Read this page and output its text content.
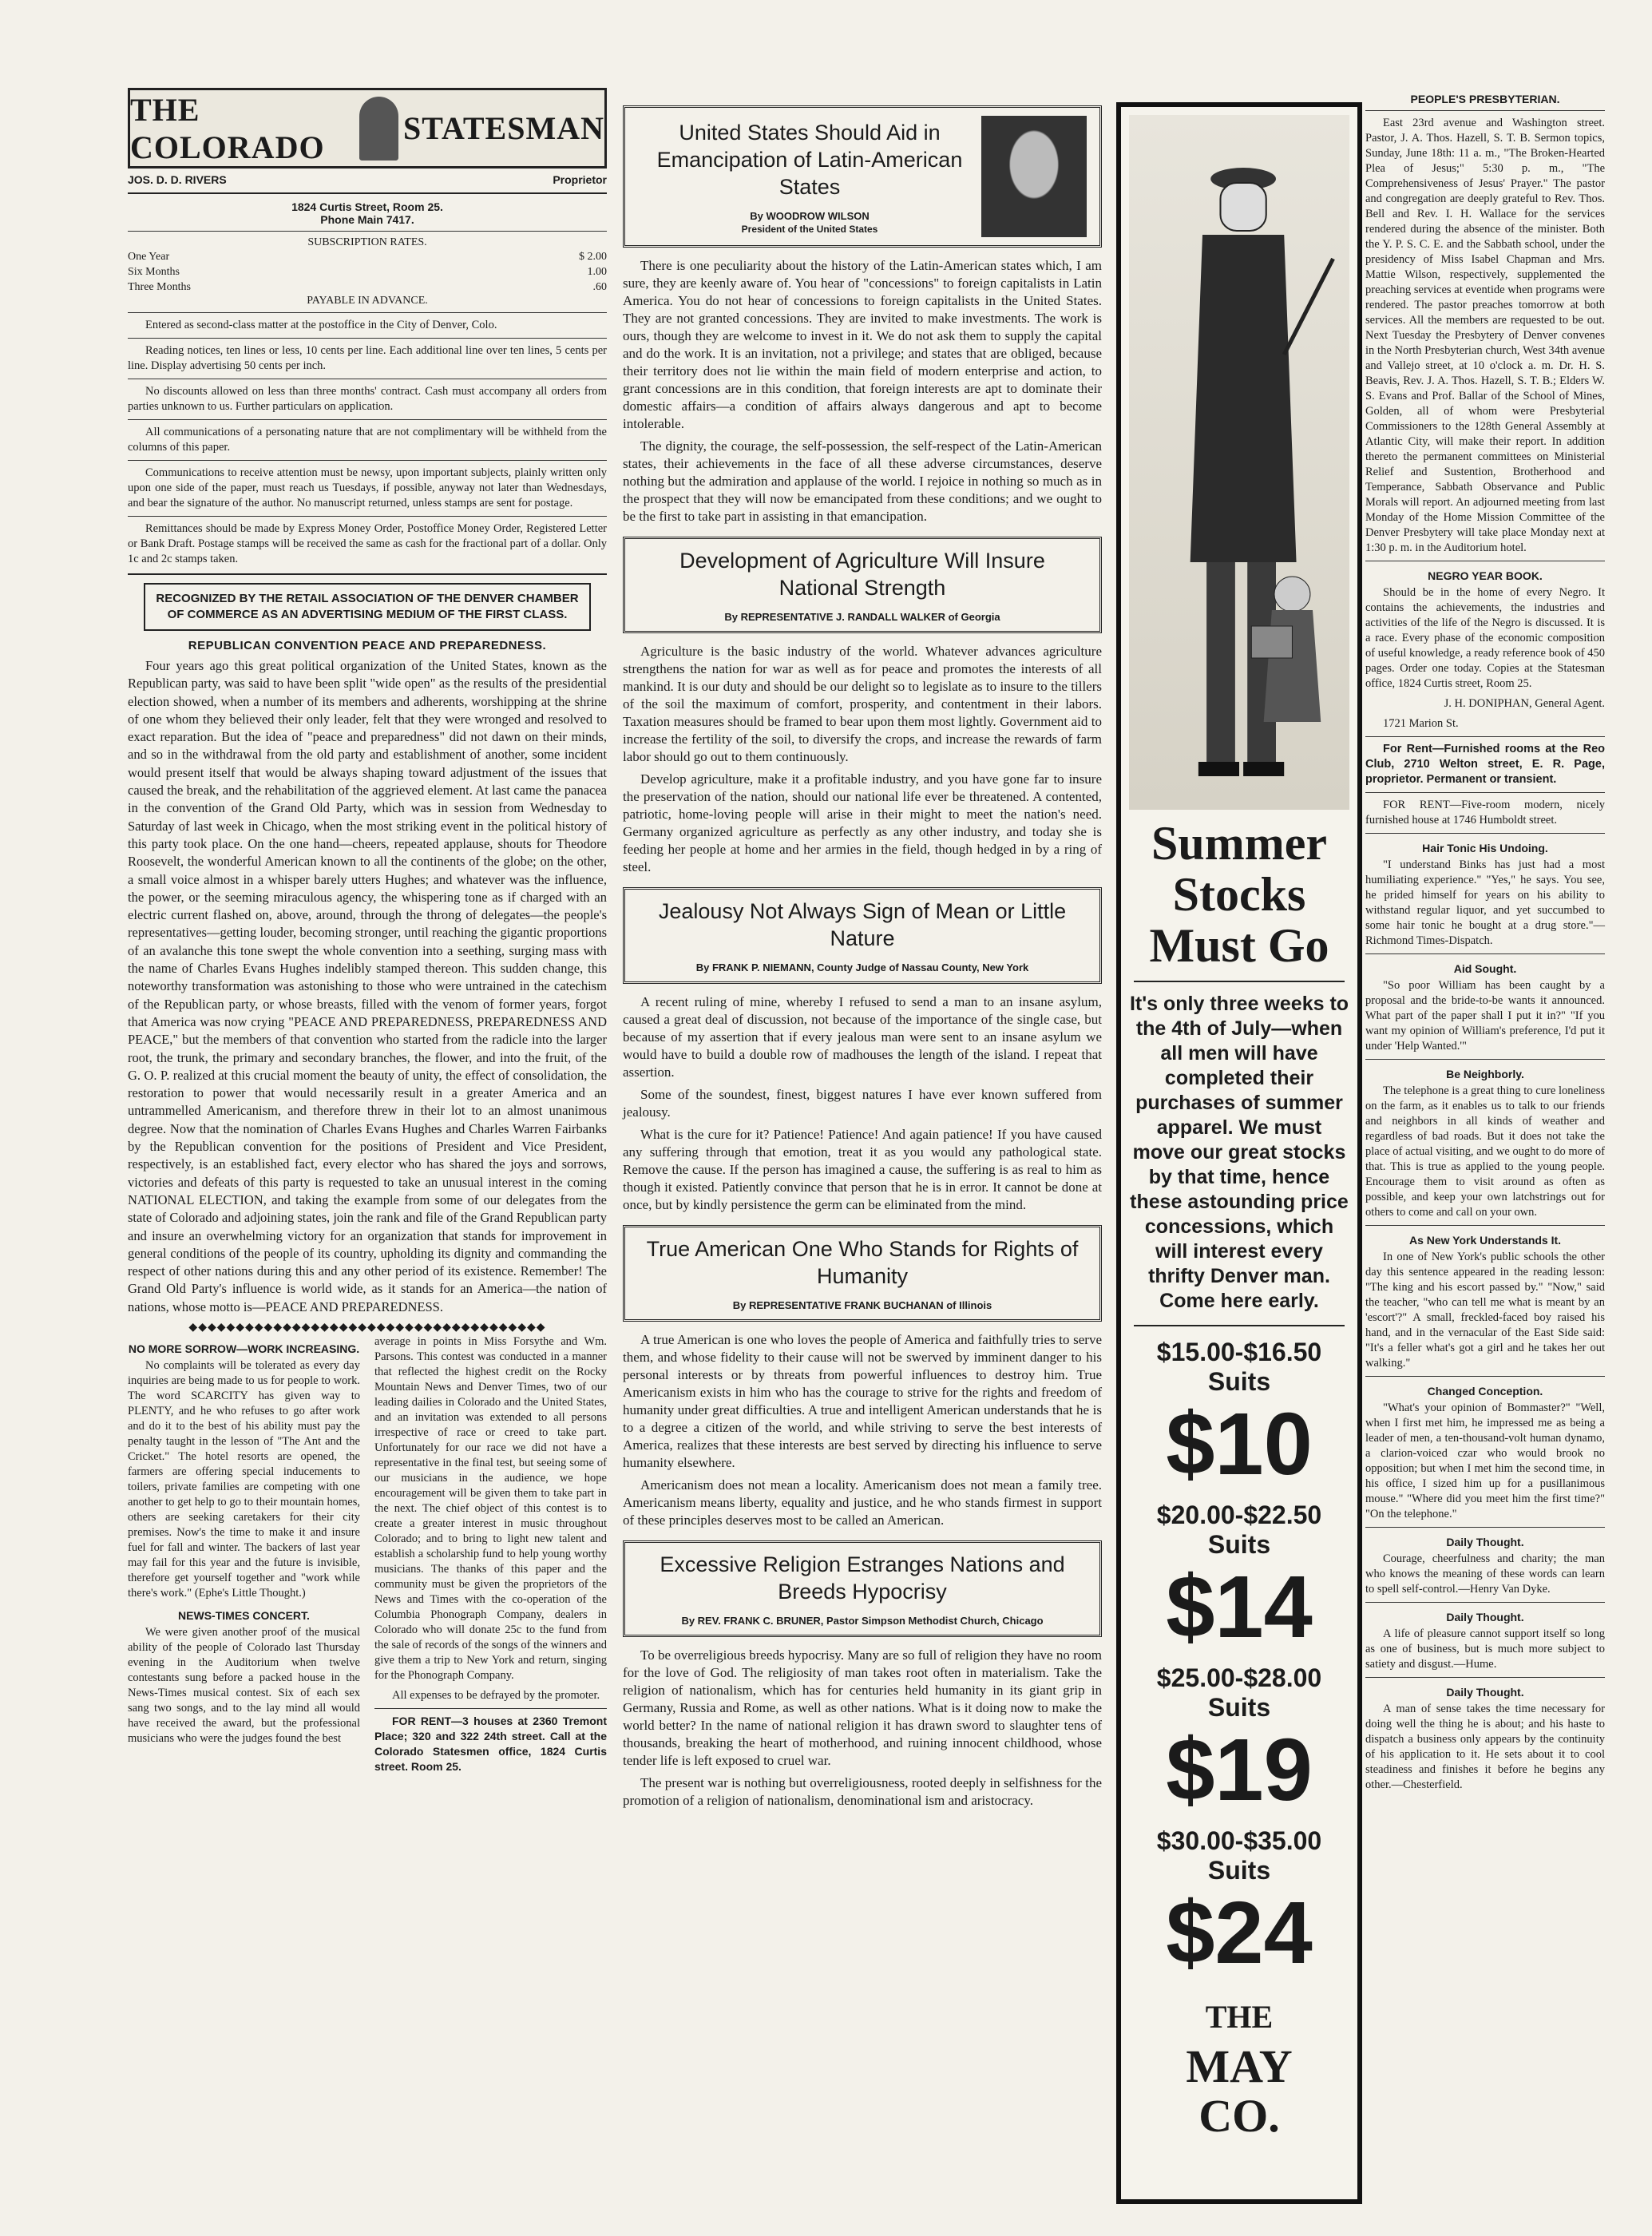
THE COLORADO
STATESMAN
JOS. D. D. RIVERS	Proprietor
1824 Curtis Street, Room 25.
Phone Main 7417.
SUBSCRIPTION RATES.
One Year	$ 2.00
Six Months	1.00
Three Months	.60
PAYABLE IN ADVANCE.

Entered as second-class matter at the postoffice in the City of Denver, Colo.

Reading notices, ten lines or less, 10 cents per line. Each additional line over ten lines, 5 cents per line. Display advertising 50 cents per inch.

No discounts allowed on less than three months' contract. Cash must accompany all orders from parties unknown to us. Further particulars on application.

All communications of a personating nature that are not complimentary will be withheld from the columns of this paper.

Communications to receive attention must be newsy, upon important subjects, plainly written only upon one side of the paper, must reach us Tuesdays, if possible, anyway not later than Wednesdays, and bear the signature of the author. No manuscript returned, unless stamps are sent for postage.

Remittances should be made by Express Money Order, Postoffice Money Order, Registered Letter or Bank Draft. Postage stamps will be received the same as cash for the fractional part of a dollar. Only 1c and 2c stamps taken.

RECOGNIZED BY THE RETAIL ASSOCIATION OF THE DENVER CHAMBER OF COMMERCE AS AN ADVERTISING MEDIUM OF THE FIRST CLASS.
REPUBLICAN CONVENTION PEACE AND PREPAREDNESS.

Four years ago this great political organization of the United States, known as the Republican party, was said to have been split "wide open" as the results of the presidential election showed, when a number of its members and adherents, worshipping at the shrine of one whom they believed their only leader, felt that they were wronged and resolved to exact reparation. But the idea of "peace and preparedness" did not dawn on their minds, and so in the withdrawal from the old party and establishment of another, some incident would present itself that would be always shaping toward adjustment of the issues that caused the break, and the rehabilitation of the aggrieved element. At last came the panacea in the convention of the Grand Old Party, which was in session from Wednesday to Saturday of last week in Chicago, when the most striking event in the political history of this party took place. On the one hand—cheers, repeated applause, shouts for Theodore Roosevelt, the wonderful American known to all the continents of the globe; on the other, a small voice almost in a whisper barely utters Hughes; and whatever was the influence, the power, or the seeming miraculous agency, the whispering tone as if charged with an electric current flashed on, above, around, through the throng of delegates—the people's representatives—getting louder, becoming stronger, until reaching the gigantic proportions of an avalanche this tone swept the whole convention into a seething, surging mass with the name of Charles Evans Hughes indelibly stamped thereon. This sudden change, this noteworthy transformation was astonishing to those who were untrained in the catechism of the Republican party, or whose breasts, filled with the venom of former years, forgot that America was now crying "PEACE AND PREPAREDNESS, PREPAREDNESS AND PEACE," but the members of that convention who started from the radicle into the larger root, the trunk, the primary and secondary branches, the flower, and into the fruit, of the G. O. P. realized at this crucial moment the beauty of unity, the effect of consolidation, the restoration to power that would necessarily result in a greater America and an untrammelled Americanism, and therefore threw in their lot to an almost unanimous degree. Now that the nomination of Charles Evans Hughes and Charles Warren Fairbanks by the Republican convention for the positions of President and Vice President, respectively, is an established fact, every elector who has shared the joys and sorrows, victories and defeats of this party is requested to take an unusual interest in the coming NATIONAL ELECTION, and taking the example from some of our delegates from the state of Colorado and adjoining states, join the rank and file of the Grand Republican party and insure an overwhelming victory for an organization that stands for improvement in general conditions of the people of its country, upholding its dignity and commanding the respect of other nations during this and any other period of its existence. Remember! The Grand Old Party's influence is world wide, as it stands for an America—the nation of nations, whose motto is—PEACE AND PREPAREDNESS.

◆◆◆◆◆◆◆◆◆◆◆◆◆◆◆◆◆◆◆◆◆◆◆◆◆◆◆◆◆◆◆◆◆◆◆◆◆◆
NO MORE SORROW—WORK INCREASING.

No complaints will be tolerated as every day inquiries are being made to us for people to work. The word SCARCITY has given way to PLENTY, and he who refuses to go after work and do it to the best of his ability must pay the penalty taught in the lesson of "The Ant and the Cricket." The hotel resorts are opened, the farmers are offering special inducements to toilers, private families are competing with one another to get help to go to their mountain homes, others are seeking caretakers for their city premises. Now's the time to make it and insure fuel for fall and winter. The backers of last year may fail for this year and the future is invisible, therefore get yourself together and "work while there's work." (Ephe's Little Thought.)

NEWS-TIMES CONCERT.

We were given another proof of the musical ability of the people of Colorado last Thursday evening in the Auditorium when twelve contestants sung before a packed house in the News-Times musical contest. Six of each sex sang two songs, and to the lay mind all would have received the award, but the professional musicians who were the judges found the best

average in points in Miss Forsythe and Wm. Parsons. This contest was conducted in a manner that reflected the highest credit on the Rocky Mountain News and Denver Times, two of our leading dailies in Colorado and the United States, and an invitation was extended to all persons irrespective of race or creed to take part. Unfortunately for our race we did not have a representative in the final test, but seeing some of our musicians in the audience, we hope encouragement will be given them to take part in the next. The chief object of this contest is to create a greater interest in music throughout Colorado; and to bring to light new talent and establish a scholarship fund to help young worthy musicians. The thanks of this paper and the community must be given the proprietors of the News and Times with the co-operation of the Columbia Phonograph Company, dealers in Colorado who will donate 25c to the fund from the sale of records of the songs of the winners and give them a trip to New York and return, singing for the Phonograph Company.

All expenses to be defrayed by the promoter.

FOR RENT—3 houses at 2360 Tremont Place; 320 and 322 24th street. Call at the Colorado Statesmen office, 1824 Curtis street. Room 25.

United States Should Aid in Emancipation of Latin-American States
By WOODROW WILSON
President of the United States

There is one peculiarity about the history of the Latin-American states which, I am sure, they are keenly aware of. You hear of "concessions" to foreign capitalists in Latin America. You do not hear of concessions to foreign capitalists in the United States. They are not granted concessions. They are invited to make investments. The work is ours, though they are welcome to invest in it. We do not ask them to supply the capital and do the work. It is an invitation, not a privilege; and states that are obliged, because their territory does not lie within the main field of modern enterprise and action, to grant concessions are in this condition, that foreign interests are apt to dominate their domestic affairs—a condition of affairs always dangerous and apt to become intolerable.

The dignity, the courage, the self-possession, the self-respect of the Latin-American states, their achievements in the face of all these adverse circumstances, deserve nothing but the admiration and applause of the world. I rejoice in nothing so much as in the prospect that they will now be emancipated from these conditions; and we ought to be the first to take part in assisting in that emancipation.

Development of Agriculture Will Insure National Strength
By REPRESENTATIVE J. RANDALL WALKER of Georgia

Agriculture is the basic industry of the world. Whatever advances agriculture strengthens the nation for war as well as for peace and promotes the interests of all mankind. It is our duty and should be our delight so to legislate as to insure to the tillers of the soil the maximum of comfort, prosperity, and contentment in their labors. Taxation measures should be framed to bear upon them most lightly. Government aid to increase the fertility of the soil, to diversify the crops, and increase the rewards of farm labor should go out to them continuously.

Develop agriculture, make it a profitable industry, and you have gone far to insure the preservation of the nation, should our national life ever be threatened. A contented, patriotic, home-loving people will arise in their might to meet the nation's need. Germany organized agriculture as perfectly as any other industry, and today she is feeding her people at home and her armies in the field, though hedged in by a ring of steel.

Jealousy Not Always Sign of Mean or Little Nature
By FRANK P. NIEMANN, County Judge of Nassau County, New York

A recent ruling of mine, whereby I refused to send a man to an insane asylum, caused a great deal of discussion, not because of the importance of the single case, but because of my assertion that if every jealous man were sent to an insane asylum we would have to build a double row of madhouses the length of the island. I repeat that assertion.

Some of the soundest, finest, biggest natures I have ever known suffered from jealousy.

What is the cure for it? Patience! Patience! And again patience! If you have caused any suffering through that emotion, treat it as you would any pathological state. Remove the cause. If the person has imagined a cause, the suffering is as real to him as though it existed. Patiently convince that person that he is in error. It cannot be done at once, but by kindly persistence the germ can be eliminated from the mind.

True American One Who Stands for Rights of Humanity
By REPRESENTATIVE FRANK BUCHANAN of Illinois

A true American is one who loves the people of America and faithfully tries to serve them, and whose fidelity to their cause will not be swerved by imminent danger to his personal interests or by threats from powerful influences to destroy him. True Americanism exists in him who has the courage to strive for the rights and freedom of humanity under great difficulties. A true and intelligent American understands that he is to a degree a citizen of the world, and while striving to serve the best interests of America, realizes that these interests are best served by directing his influence to serve humanity elsewhere.

Americanism does not mean a locality. Americanism does not mean a family tree. Americanism means liberty, equality and justice, and he who stands firmest in support of these principles deserves most to be called an American.

Excessive Religion Estranges Nations and Breeds Hypocrisy
By REV. FRANK C. BRUNER, Pastor Simpson Methodist Church, Chicago

To be overreligious breeds hypocrisy. Many are so full of religion they have no room for the love of God. The religiosity of man takes root often in materialism. Take the religion of nationalism, which has for centuries held humanity in its giant grip in Germany, Russia and Rome, as well as other nations. What is it doing now to make the world better? In the name of national religion it has drawn sword to slaughter tens of thousands, breaking the heart of motherhood, and ruining innocent childhood, whose tender life is left exposed to cruel war.

The present war is nothing but overreligiousness, rooted deeply in selfishness for the promotion of a religion of nationalism, denominational ism and aristocracy.

Summer
Stocks
Must Go
It's only three weeks to the 4th of July—when all men will have completed their purchases of summer apparel. We must move our great stocks by that time, hence these astounding price concessions, which will interest every thrifty Denver man. Come here early.
$15.00-$16.50
Suits
$10
$20.00-$22.50
Suits
$14
$25.00-$28.00
Suits
$19
$30.00-$35.00
Suits
$24
THE
MAY
CO.
PEOPLE'S PRESBYTERIAN.

East 23rd avenue and Washington street. Pastor, J. A. Thos. Hazell, S. T. B. Sermon topics, Sunday, June 18th: 11 a. m., "The Broken-Hearted Plea of Jesus;" 5:30 p. m., "The Comprehensiveness of Jesus' Prayer." The pastor and congregation are deeply grateful to Rev. Thos. Bell and Rev. I. H. Wallace for the services rendered during the absence of the minister. Both the Y. P. S. C. E. and the Sabbath school, under the presidency of Miss Isabel Chapman and Mrs. Mattie Wilson, respectively, supplemented the preaching services at eventide when programs were rendered. The pastor preaches tomorrow at both services. All the members are requested to be out. Next Tuesday the Presbytery of Denver convenes in the North Presbyterian church, West 34th avenue and Vallejo street, at 10 o'clock a. m. Dr. H. S. Beavis, Rev. J. A. Thos. Hazell, S. T. B.; Elders W. S. Evans and Prof. Ballar of the School of Mines, Golden, all of whom were Presbyterial Commissioners to the 128th General Assembly at Atlantic City, will make their report. In addition thereto the permanent committees on Ministerial Relief and Sustention, Brotherhood and Temperance, Sabbath Observance and Public Morals will report. An adjourned meeting from last Monday of the Home Mission Committee of the Denver Presbytery will take place Monday next at 1:30 p. m. in the Auditorium hotel.

NEGRO YEAR BOOK.

Should be in the home of every Negro. It contains the achievements, the industries and activities of the life of the Negro is discussed. It is a race. Every phase of the economic composition of useful knowledge, a ready reference book of 450 pages. Order one today. Copies at the Statesman office, 1824 Curtis street, Room 25.

J. H. DONIPHAN, General Agent.

1721 Marion St.

For Rent—Furnished rooms at the Reo Club, 2710 Welton street, E. R. Page, proprietor. Permanent or transient.

FOR RENT—Five-room modern, nicely furnished house at 1746 Humboldt street.

Hair Tonic His Undoing.

"I understand Binks has just had a most humiliating experience." "Yes," he says. You see, he prided himself for years on his ability to withstand regular liquor, and yet succumbed to some hair tonic he bought at a drug store."—Richmond Times-Dispatch.

Aid Sought.

"So poor William has been caught by a proposal and the bride-to-be wants it announced. What part of the paper shall I put it in?" "If you want my opinion of William's preference, I'd put it under 'Help Wanted.'"

Be Neighborly.

The telephone is a great thing to cure loneliness on the farm, as it enables us to talk to our friends and neighbors in all kinds of weather and regardless of bad roads. But it does not take the place of actual visiting, and we ought to do more of that. This is true as applied to the young people. Encourage them to visit around as often as possible, and keep your own latchstrings out for others to come and call on your own.

As New York Understands It.

In one of New York's public schools the other day this sentence appeared in the reading lesson: "The king and his escort passed by." "Now," said the teacher, "who can tell me what is meant by an 'escort'?" A small, freckled-faced boy raised his hand, and in the vernacular of the East Side said: "It's a feller what's got a girl and he takes her out walking."

Changed Conception.

"What's your opinion of Bommaster?" "Well, when I first met him, he impressed me as being a leader of men, a ten-thousand-volt human dynamo, a clarion-voiced czar who would brook no opposition; but when I met him the second time, in his office, I sized him up for a pusillanimous mouse." "Where did you meet him the first time?" "On the telephone."

Daily Thought.

Courage, cheerfulness and charity; the man who knows the meaning of these words can learn to spell self-control.—Henry Van Dyke.

Daily Thought.

A life of pleasure cannot support itself so long as one of business, but is much more subject to satiety and disgust.—Hume.

Daily Thought.

A man of sense takes the time necessary for doing well the thing he is about; and his haste to dispatch a business only appears by the continuity of his application to it. He sets about it to cool steadiness and finishes it before he begins any other.—Chesterfield.
